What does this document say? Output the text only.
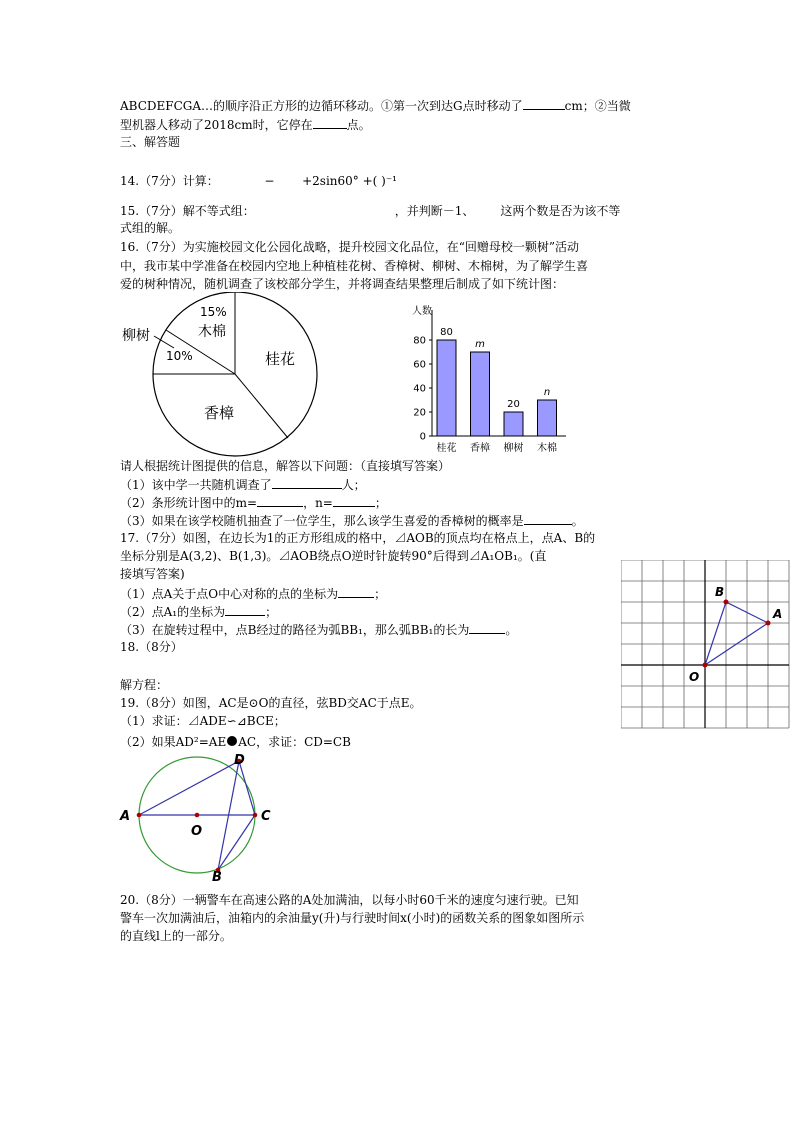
ABCDEFCGA…的顺序沿正方形的边循环移动。①第一次到达G点时移动了	cm；②当微
型机器人移动了2018cm时，它停在	点。
三、解答题
14.（7分）计算：	− +2sin60° +( )⁻¹
15.（7分）解不等式组：	，并判断－1、 这两个数是否为该不等
式组的解。
16.（7分）为实施校园文化公园化战略，提升校园文化品位，在“回赠母校一颗树”活动
中，我市某中学准备在校园内空地上种植桂花树、香樟树、柳树、木棉树，为了解学生喜
爱的树种情况，随机调查了该校部分学生，并将调查结果整理后制成了如下统计图：
15%
木棉
柳树
10%	桂花
香樟
人数
0
20
40
60
80
80
桂花
m
香樟
20
柳树
n
木棉
请人根据统计图提供的信息，解答以下问题：（直接填写答案）
（1）该中学一共随机调查了	人；
（2）条形统计图中的m=	，n=	；
（3）如果在该学校随机抽查了一位学生，那么该学生喜爱的香樟树的概率是	。
17.（7分）如图，在边长为1的正方形组成的格中，⊿AOB的顶点均在格点上，点A、B的
坐标分别是A(3,2)、B(1,3)。⊿AOB绕点O逆时针旋转90°后得到⊿A₁OB₁。(直
接填写答案)
（1）点A关于点O中心对称的点的坐标为	；
（2）点A₁的坐标为	；
（3）在旋转过程中，点B经过的路径为弧BB₁，那么弧BB₁的长为	。
B
A
O
18.（8分）
解方程：
19.（8分）如图，AC是⊙O的直径，弦BD交AC于点E。
（1）求证：⊿ADE∽⊿BCE；
（2）如果AD²=AE AC，求证：CD=CB
D
A
O
C
B
20.（8分）一辆警车在高速公路的A处加满油，以每小时60千米的速度匀速行驶。已知
警车一次加满油后，油箱内的余油量y(升)与行驶时间x(小时)的函数关系的图象如图所示
的直线l上的一部分。
